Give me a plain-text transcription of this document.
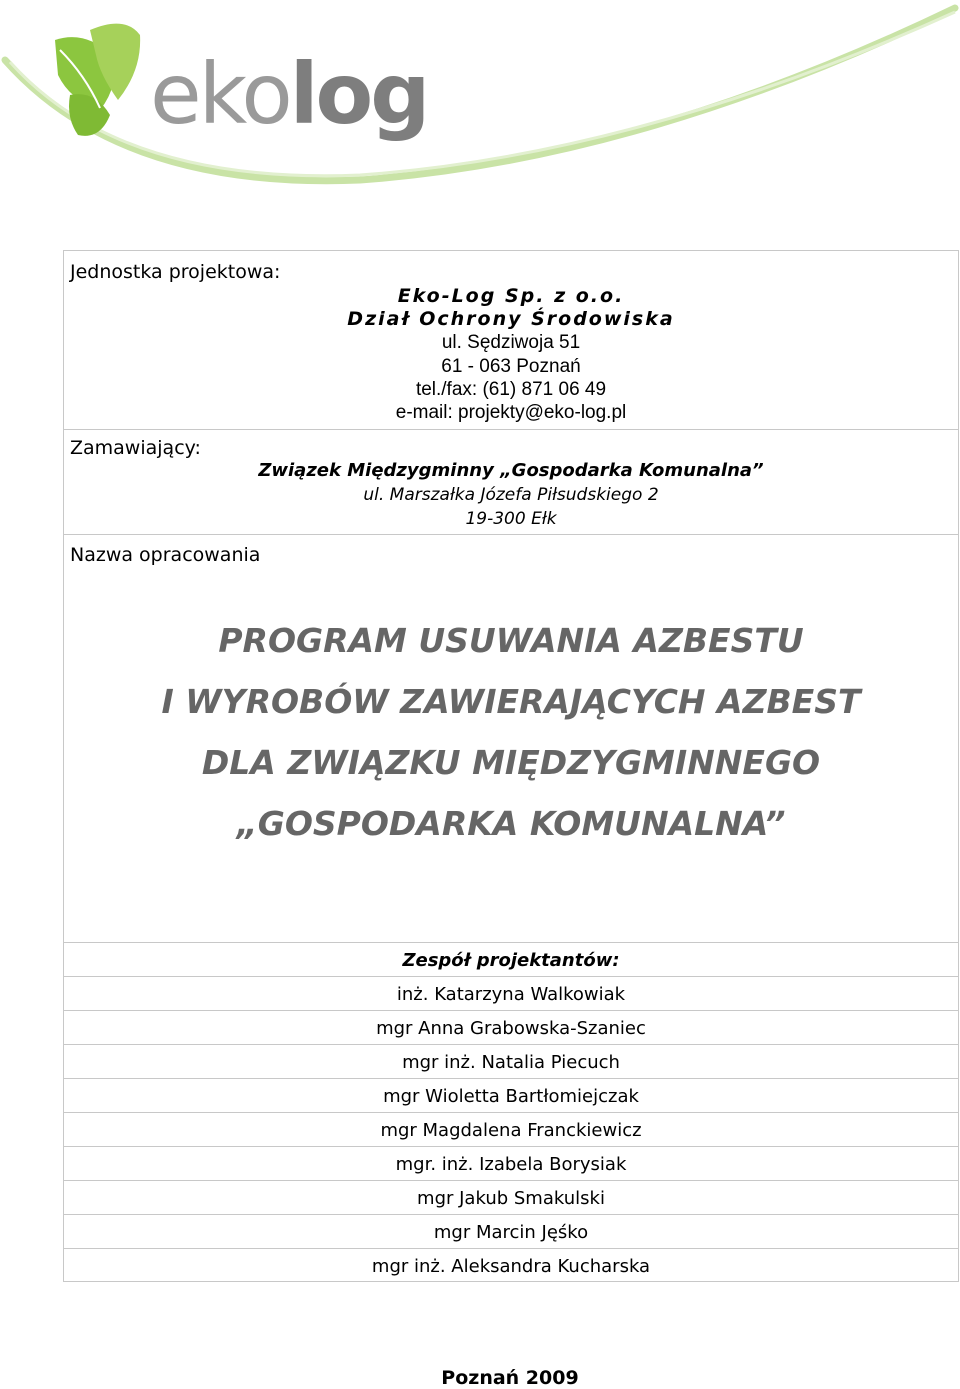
ekolog
Jednostka projektowa:
Eko-Log Sp. z o.o.
Dział Ochrony Środowiska
ul. Sędziwoja 51
61 - 063 Poznań
tel./fax: (61) 871 06 49
e-mail: projekty@eko-log.pl
Zamawiający:
Związek Międzygminny „Gospodarka Komunalna”
ul. Marszałka Józefa Piłsudskiego 2
19-300 Ełk
Nazwa opracowania
PROGRAM USUWANIA AZBESTU
I WYROBÓW ZAWIERAJĄCYCH AZBEST
DLA ZWIĄZKU MIĘDZYGMINNEGO
„GOSPODARKA KOMUNALNA”
Zespół projektantów:
inż. Katarzyna Walkowiak
mgr Anna Grabowska-Szaniec
mgr inż. Natalia Piecuch
mgr Wioletta Bartłomiejczak
mgr Magdalena Franckiewicz
mgr. inż. Izabela Borysiak
mgr Jakub Smakulski
mgr Marcin Jęśko
mgr inż. Aleksandra Kucharska
Poznań 2009
